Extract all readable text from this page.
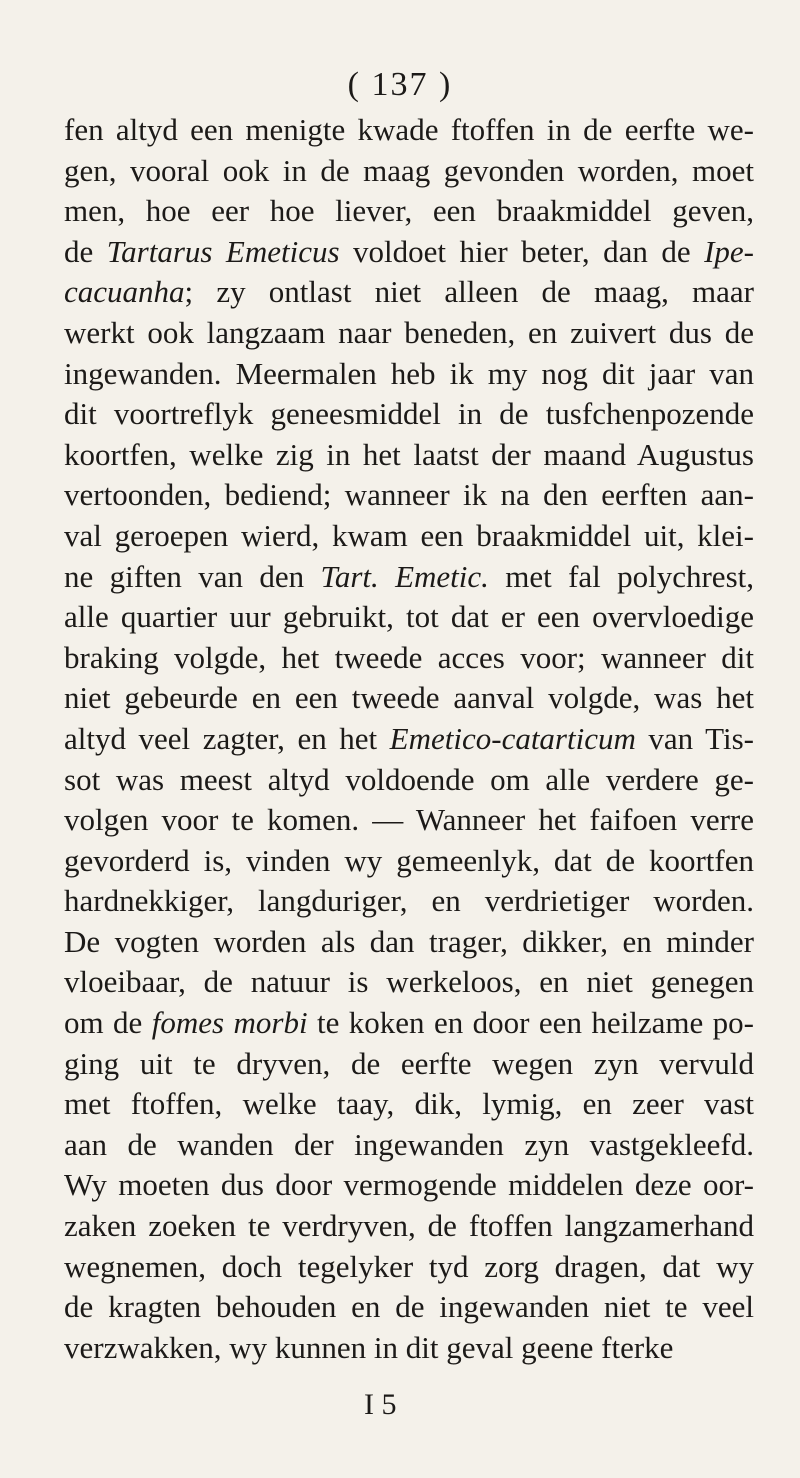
( 137 )
fen altyd een menigte kwade ftoffen in de eerfte we-
gen, vooral ook in de maag gevonden worden, moet
men, hoe eer hoe liever, een braakmiddel geven,
de Tartarus Emeticus voldoet hier beter, dan de Ipe-
cacuanha; zy ontlast niet alleen de maag, maar
werkt ook langzaam naar beneden, en zuivert dus de
ingewanden. Meermalen heb ik my nog dit jaar van
dit voortreflyk geneesmiddel in de tusfchenpozende
koortfen, welke zig in het laatst der maand Augustus
vertoonden, bediend; wanneer ik na den eerften aan-
val geroepen wierd, kwam een braakmiddel uit, klei-
ne giften van den Tart. Emetic. met fal polychrest,
alle quartier uur gebruikt, tot dat er een overvloedige
braking volgde, het tweede acces voor; wanneer dit
niet gebeurde en een tweede aanval volgde, was het
altyd veel zagter, en het Emetico-catarticum van Tis-
sot was meest altyd voldoende om alle verdere ge-
volgen voor te komen. — Wanneer het faifoen verre
gevorderd is, vinden wy gemeenlyk, dat de koortfen
hardnekkiger, langduriger, en verdrietiger worden.
De vogten worden als dan trager, dikker, en minder
vloeibaar, de natuur is werkeloos, en niet genegen
om de fomes morbi te koken en door een heilzame po-
ging uit te dryven, de eerfte wegen zyn vervuld
met ftoffen, welke taay, dik, lymig, en zeer vast
aan de wanden der ingewanden zyn vastgekleefd.
Wy moeten dus door vermogende middelen deze oor-
zaken zoeken te verdryven, de ftoffen langzamerhand
wegnemen, doch tegelyker tyd zorg dragen, dat wy
de kragten behouden en de ingewanden niet te veel
verzwakken, wy kunnen in dit geval geene fterke
I 5
